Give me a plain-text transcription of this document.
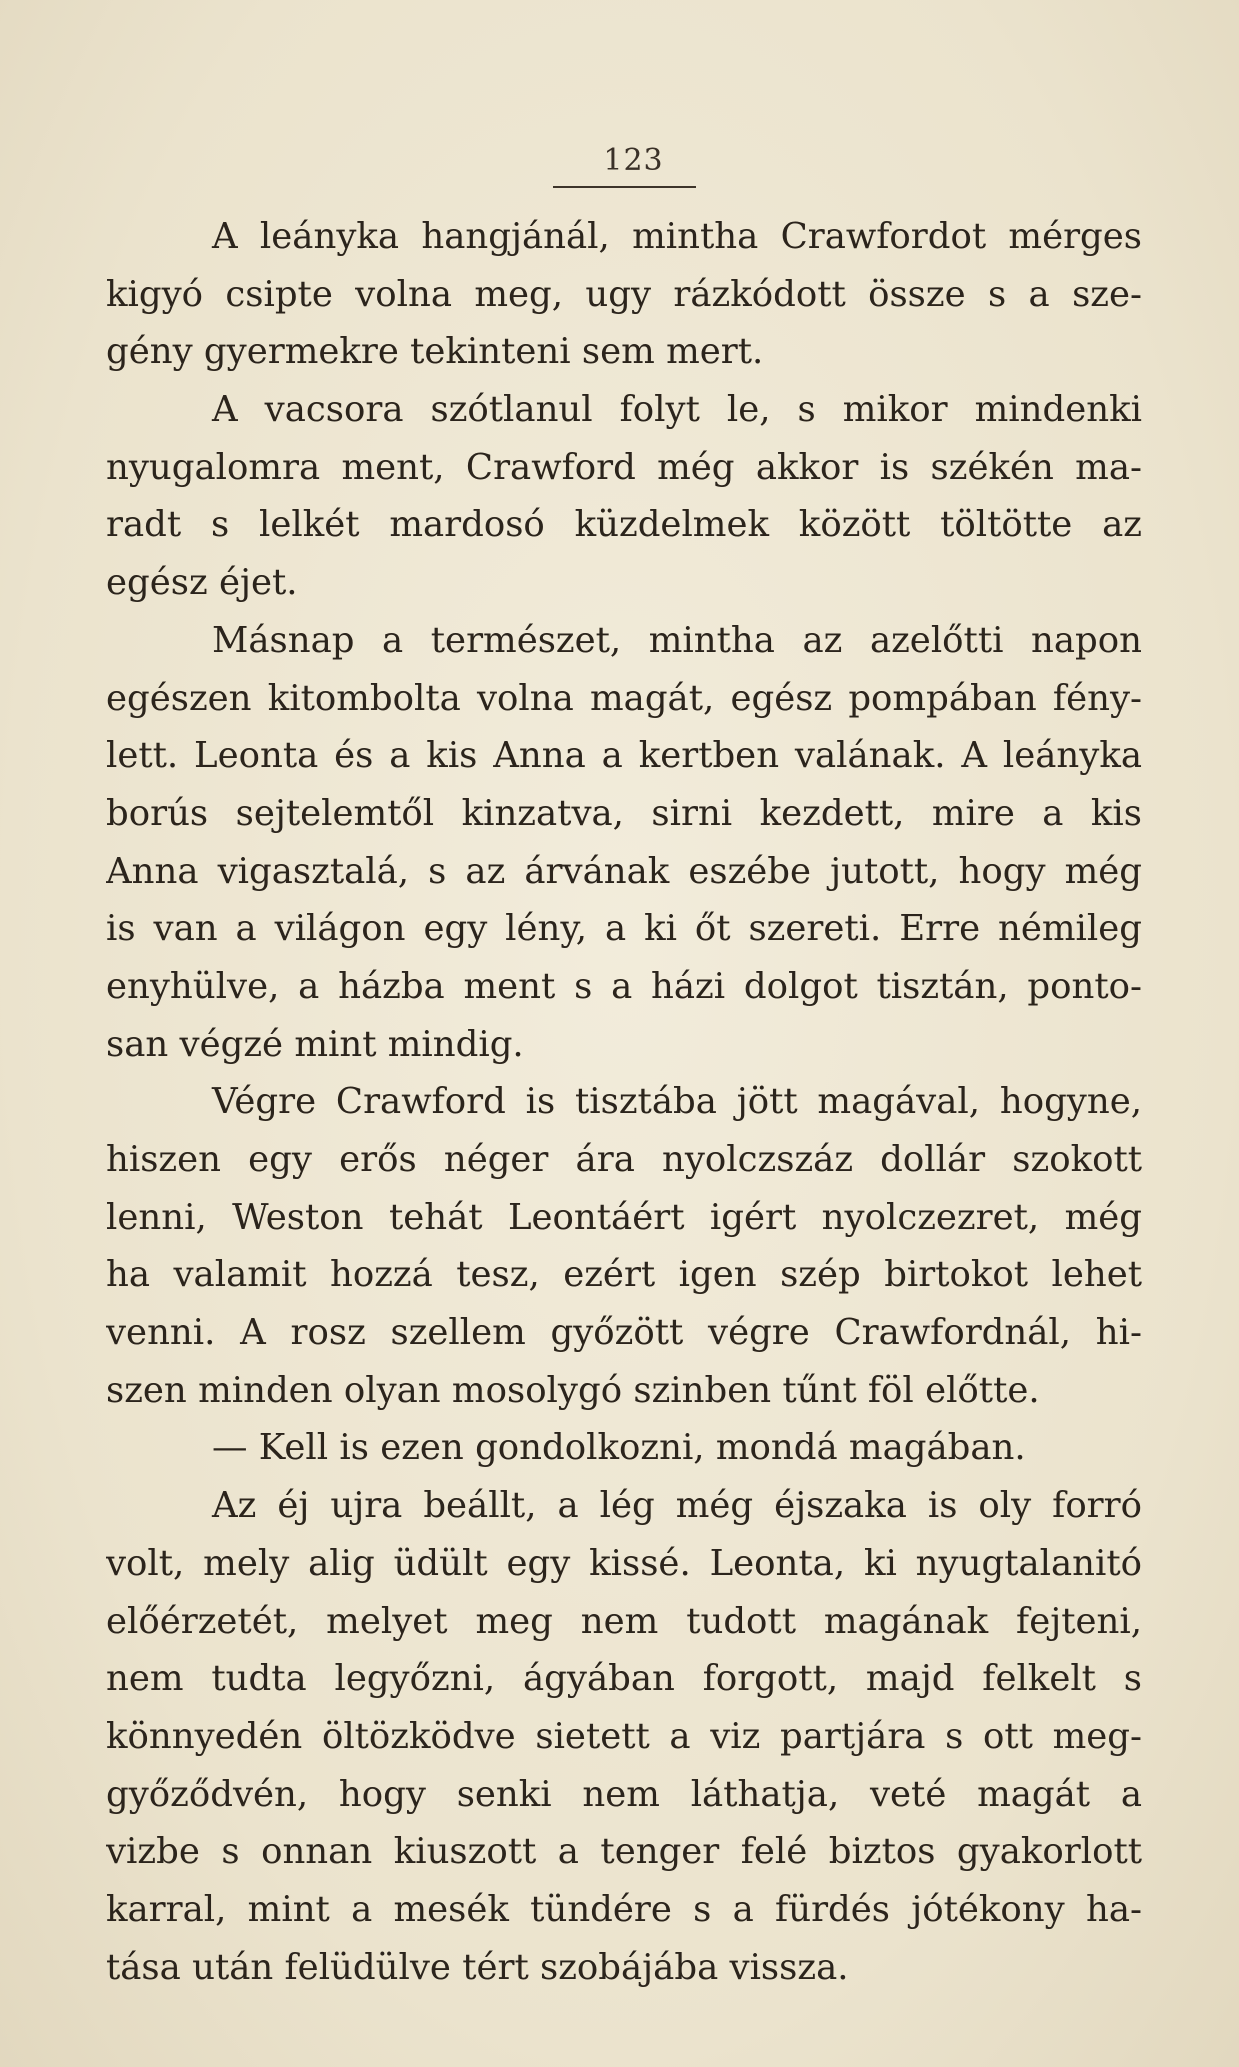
123
A leányka hangjánál, mintha Crawfordot mérges
kigyó csipte volna meg, ugy rázkódott össze s a sze-
gény gyermekre tekinteni sem mert.
A vacsora szótlanul folyt le, s mikor mindenki
nyugalomra ment, Crawford még akkor is székén ma-
radt s lelkét mardosó küzdelmek között töltötte az
egész éjet.
Másnap a természet, mintha az azelőtti napon
egészen kitombolta volna magát, egész pompában fény-
lett. Leonta és a kis Anna a kertben valának. A leányka
borús sejtelemtől kinzatva, sirni kezdett, mire a kis
Anna vigasztalá, s az árvának eszébe jutott, hogy még
is van a világon egy lény, a ki őt szereti. Erre némileg
enyhülve, a házba ment s a házi dolgot tisztán, ponto-
san végzé mint mindig.
Végre Crawford is tisztába jött magával, hogyne,
hiszen egy erős néger ára nyolczszáz dollár szokott
lenni, Weston tehát Leontáért igért nyolczezret, még
ha valamit hozzá tesz, ezért igen szép birtokot lehet
venni. A rosz szellem győzött végre Crawfordnál, hi-
szen minden olyan mosolygó szinben tűnt föl előtte.
— Kell is ezen gondolkozni, mondá magában.
Az éj ujra beállt, a lég még éjszaka is oly forró
volt, mely alig üdült egy kissé. Leonta, ki nyugtalanitó
előérzetét, melyet meg nem tudott magának fejteni,
nem tudta legyőzni, ágyában forgott, majd felkelt s
könnyedén öltözködve sietett a viz partjára s ott meg-
győződvén, hogy senki nem láthatja, veté magát a
vizbe s onnan kiuszott a tenger felé biztos gyakorlott
karral, mint a mesék tündére s a fürdés jótékony ha-
tása után felüdülve tért szobájába vissza.
